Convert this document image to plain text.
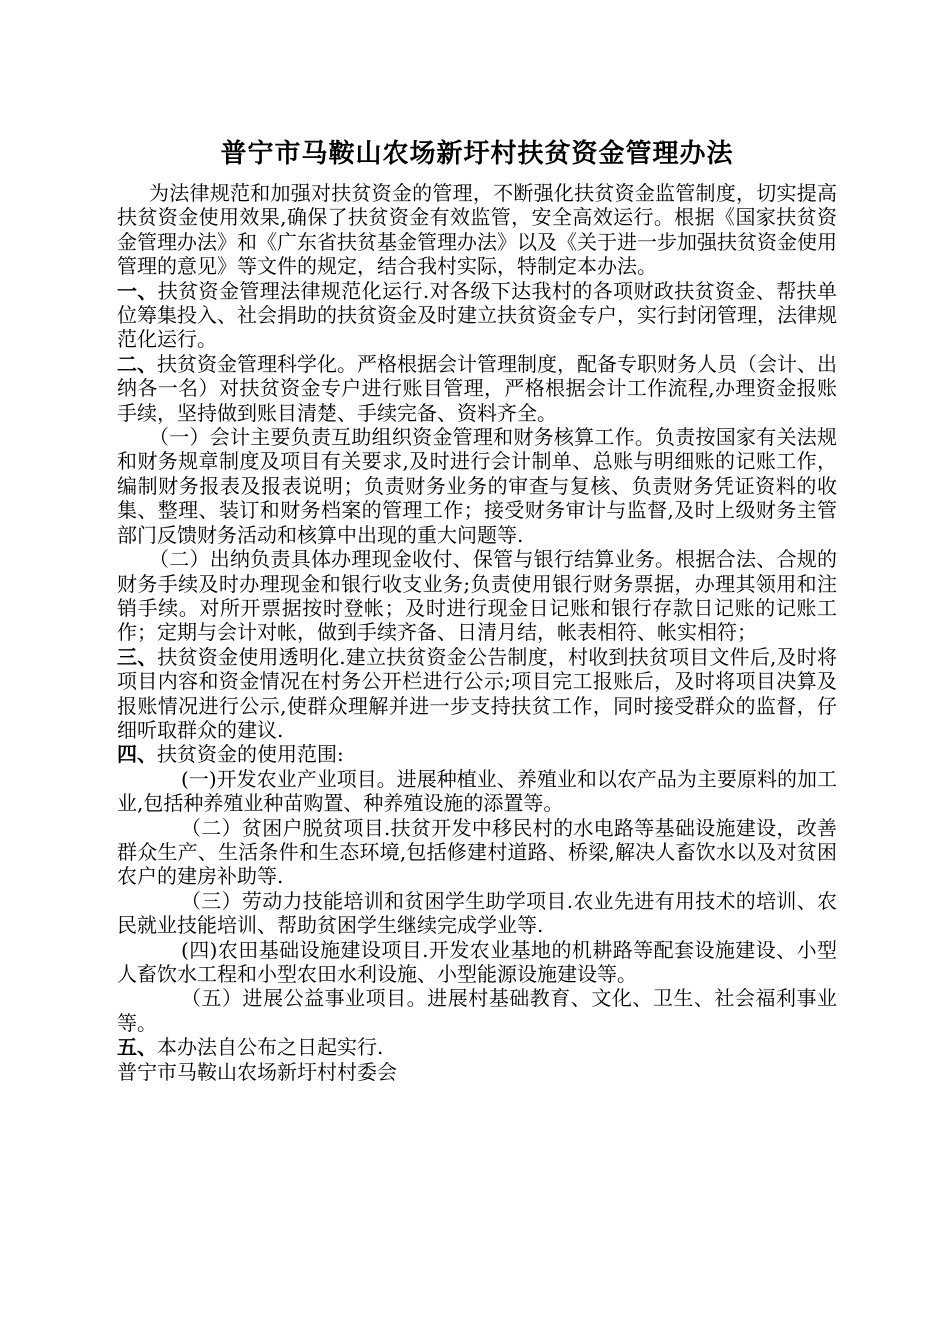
普宁市马鞍山农场新圩村扶贫资金管理办法

为法律规范和加强对扶贫资金的管理，不断强化扶贫资金监管制度，切实提高扶贫资金使用效果,确保了扶贫资金有效监管，安全高效运行。根据《国家扶贫资金管理办法》和《广东省扶贫基金管理办法》以及《关于进一步加强扶贫资金使用管理的意见》等文件的规定，结合我村实际，特制定本办法。

一、扶贫资金管理法律规范化运行.对各级下达我村的各项财政扶贫资金、帮扶单位筹集投入、社会捐助的扶贫资金及时建立扶贫资金专户，实行封闭管理，法律规范化运行。

二、扶贫资金管理科学化。严格根据会计管理制度，配备专职财务人员（会计、出纳各一名）对扶贫资金专户进行账目管理，严格根据会计工作流程,办理资金报账手续，坚持做到账目清楚、手续完备、资料齐全。

（一）会计主要负责互助组织资金管理和财务核算工作。负责按国家有关法规和财务规章制度及项目有关要求,及时进行会计制单、总账与明细账的记账工作，编制财务报表及报表说明；负责财务业务的审查与复核、负责财务凭证资料的收集、整理、装订和财务档案的管理工作；接受财务审计与监督,及时上级财务主管部门反馈财务活动和核算中出现的重大问题等.

（二）出纳负责具体办理现金收付、保管与银行结算业务。根据合法、合规的财务手续及时办理现金和银行收支业务;负责使用银行财务票据，办理其领用和注销手续。对所开票据按时登帐；及时进行现金日记账和银行存款日记账的记账工作；定期与会计对帐，做到手续齐备、日清月结，帐表相符、帐实相符；

三、扶贫资金使用透明化.建立扶贫资金公告制度，村收到扶贫项目文件后,及时将项目内容和资金情况在村务公开栏进行公示;项目完工报账后，及时将项目决算及报账情况进行公示,使群众理解并进一步支持扶贫工作，同时接受群众的监督，仔细听取群众的建议.

四、扶贫资金的使用范围:

(一)开发农业产业项目。进展种植业、养殖业和以农产品为主要原料的加工业,包括种养殖业种苗购置、种养殖设施的添置等。

（二）贫困户脱贫项目.扶贫开发中移民村的水电路等基础设施建设，改善群众生产、生活条件和生态环境,包括修建村道路、桥梁,解决人畜饮水以及对贫困农户的建房补助等.

（三）劳动力技能培训和贫困学生助学项目.农业先进有用技术的培训、农民就业技能培训、帮助贫困学生继续完成学业等.

(四)农田基础设施建设项目.开发农业基地的机耕路等配套设施建设、小型人畜饮水工程和小型农田水利设施、小型能源设施建设等。

（五）进展公益事业项目。进展村基础教育、文化、卫生、社会福利事业等。

五、本办法自公布之日起实行.

普宁市马鞍山农场新圩村村委会
